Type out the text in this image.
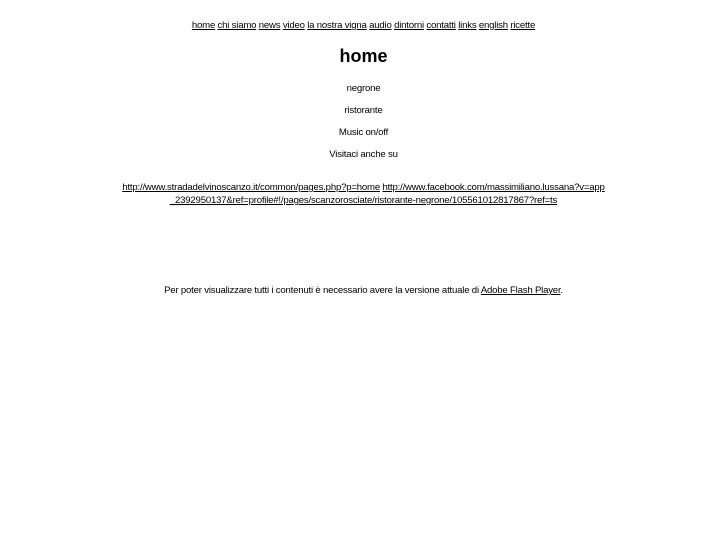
home chi siamo news video la nostra vigna audio dintorni contatti links english ricette
home
negrone
ristorante
Music on/off
Visitaci anche su
http://www.stradadelvinoscanzo.it/common/pages.php?p=home http://www.facebook.com/massimiliano.lussana?v=app_2392950137&ref=profile#!/pages/scanzorosciate/ristorante-negrone/105561012817867?ref=ts
Per poter visualizzare tutti i contenuti è necessario avere la versione attuale di Adobe Flash Player.
